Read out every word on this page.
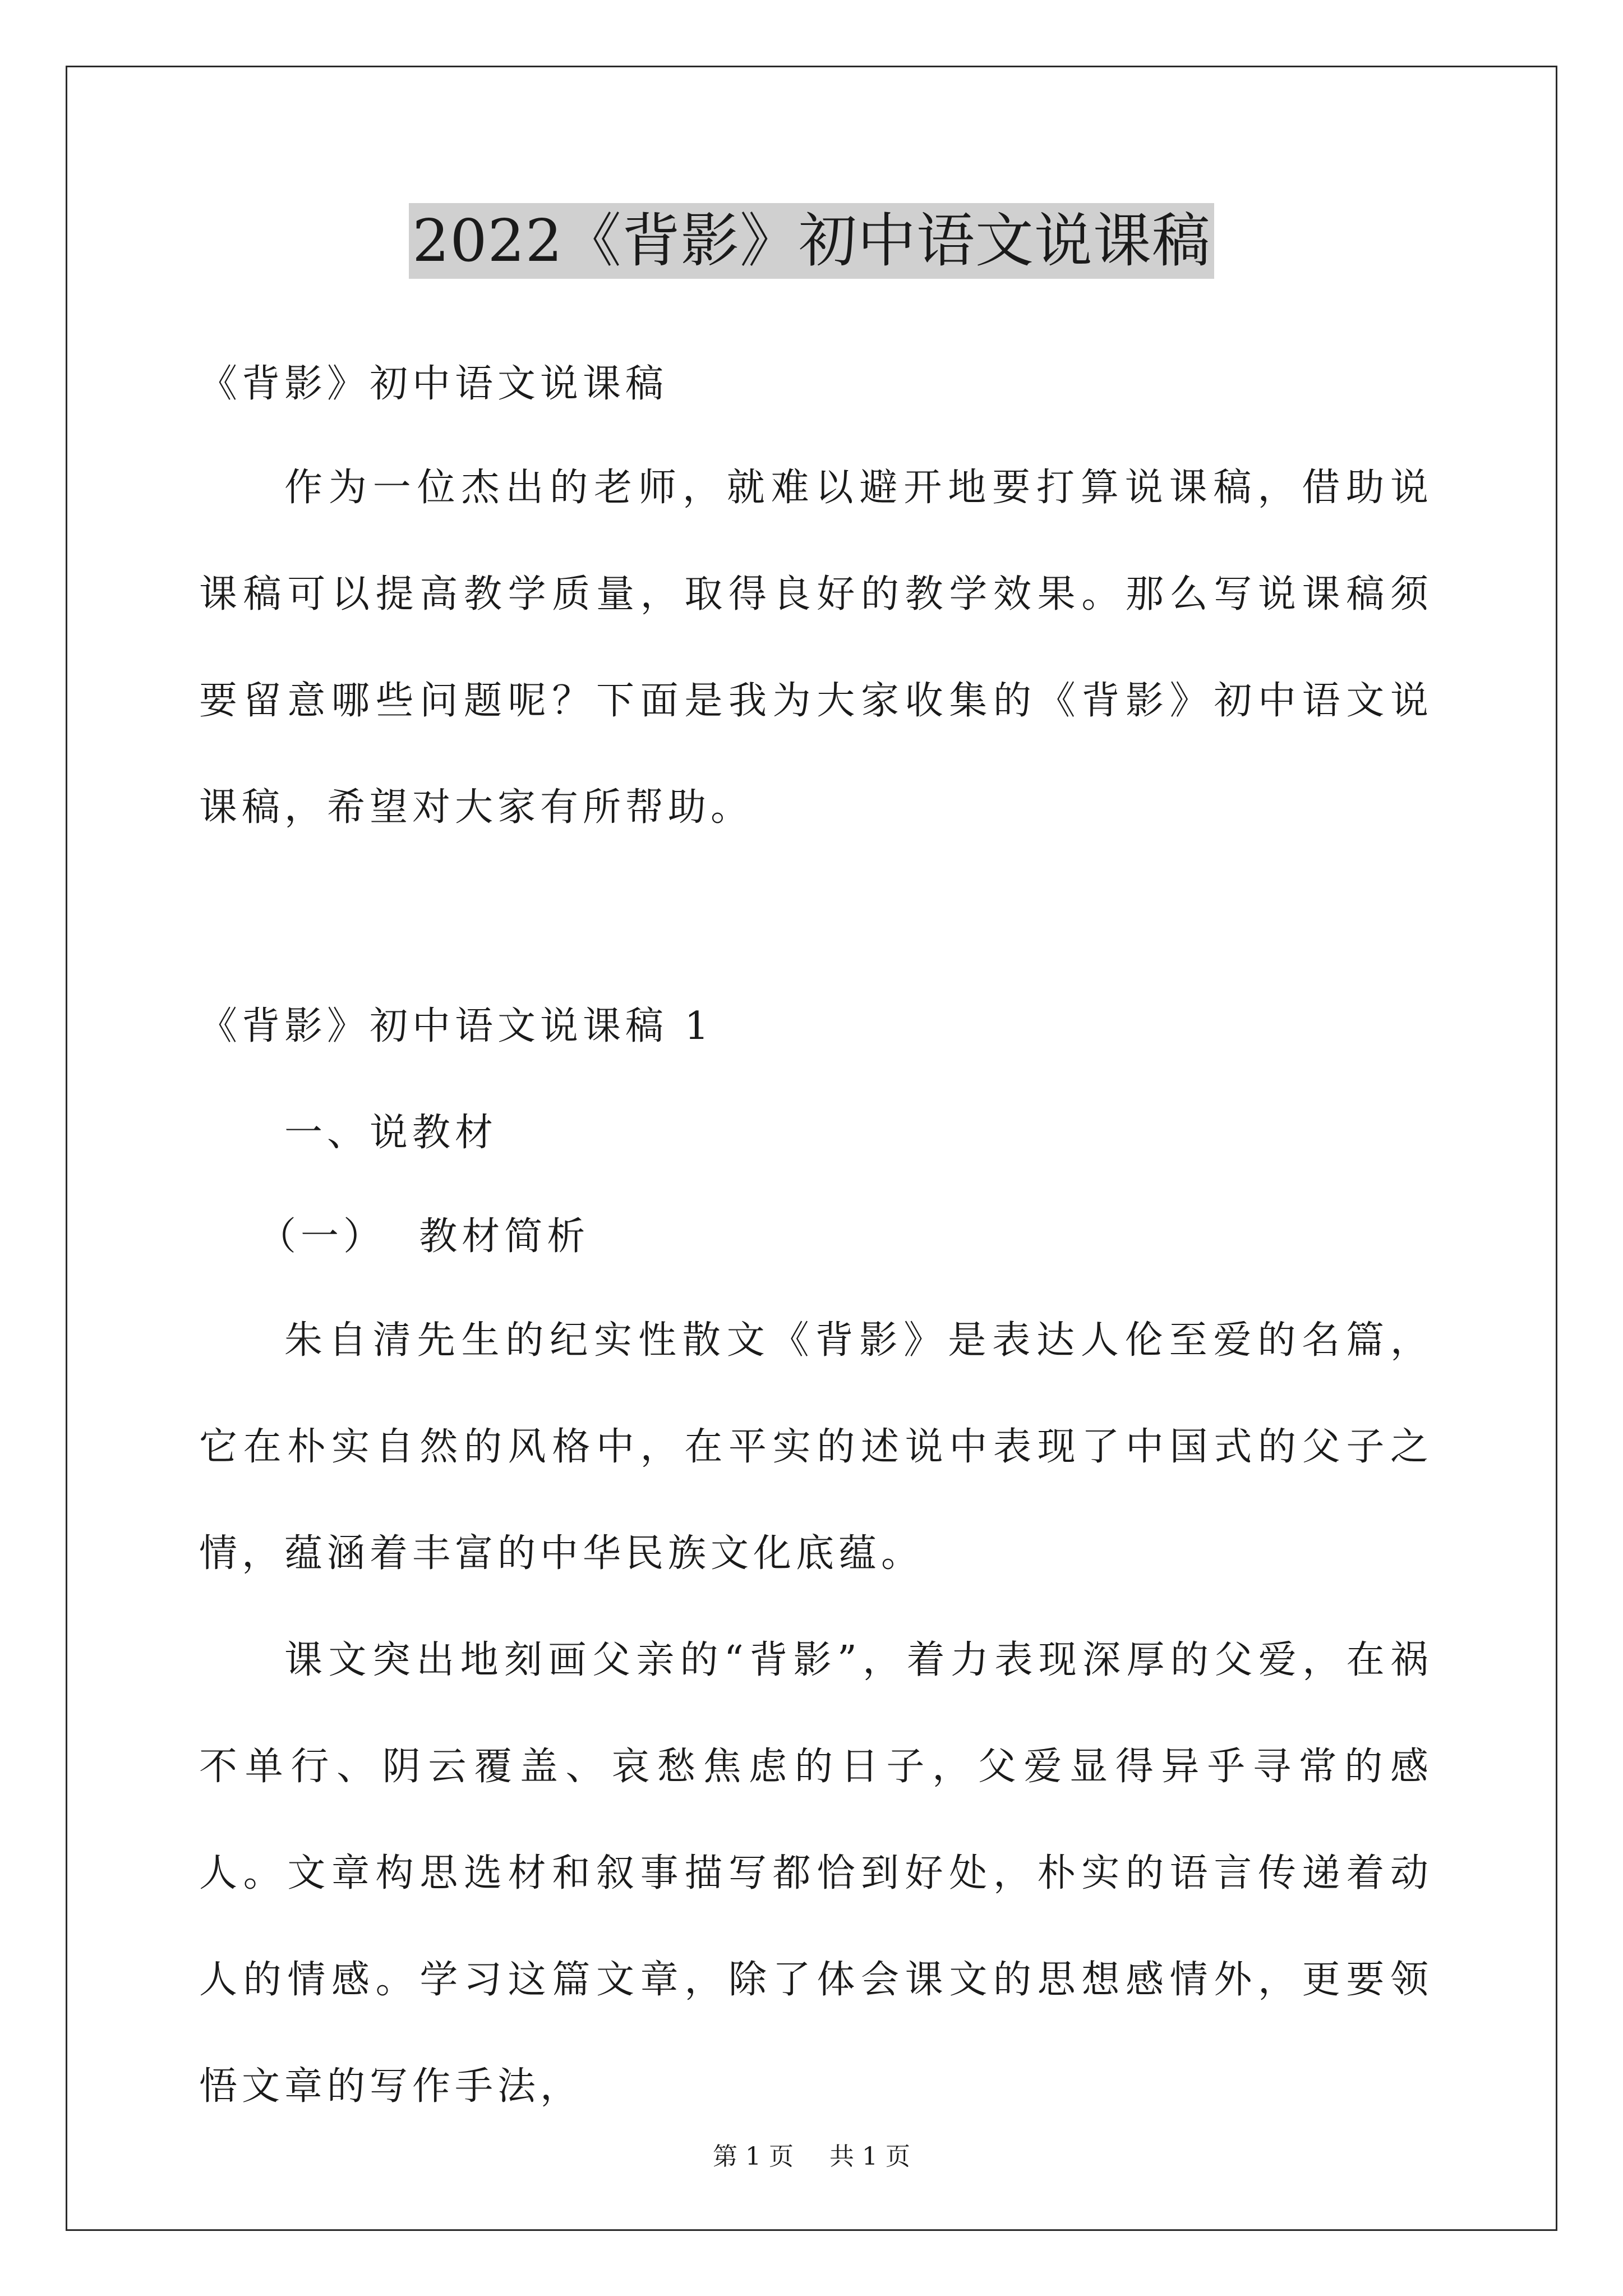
2022《背影》初中语文说课稿

《背影》初中语文说课稿

作为一位杰出的老师，就难以避开地要打算说课稿，借助说课稿可以提高教学质量，取得良好的教学效果。那么写说课稿须要留意哪些问题呢？下面是我为大家收集的《背影》初中语文说课稿，希望对大家有所帮助。

《背影》初中语文说课稿 1

一、说教材

（一）  教材简析

朱自清先生的纪实性散文《背影》是表达人伦至爱的名篇，它在朴实自然的风格中，在平实的述说中表现了中国式的父子之情，蕴涵着丰富的中华民族文化底蕴。

课文突出地刻画父亲的“背影”，着力表现深厚的父爱，在祸不单行、阴云覆盖、哀愁焦虑的日子，父爱显得异乎寻常的感人。文章构思选材和叙事描写都恰到好处，朴实的语言传递着动人的情感。学习这篇文章，除了体会课文的思想感情外，更要领悟文章的写作手法，

第 1 页 共 1 页
